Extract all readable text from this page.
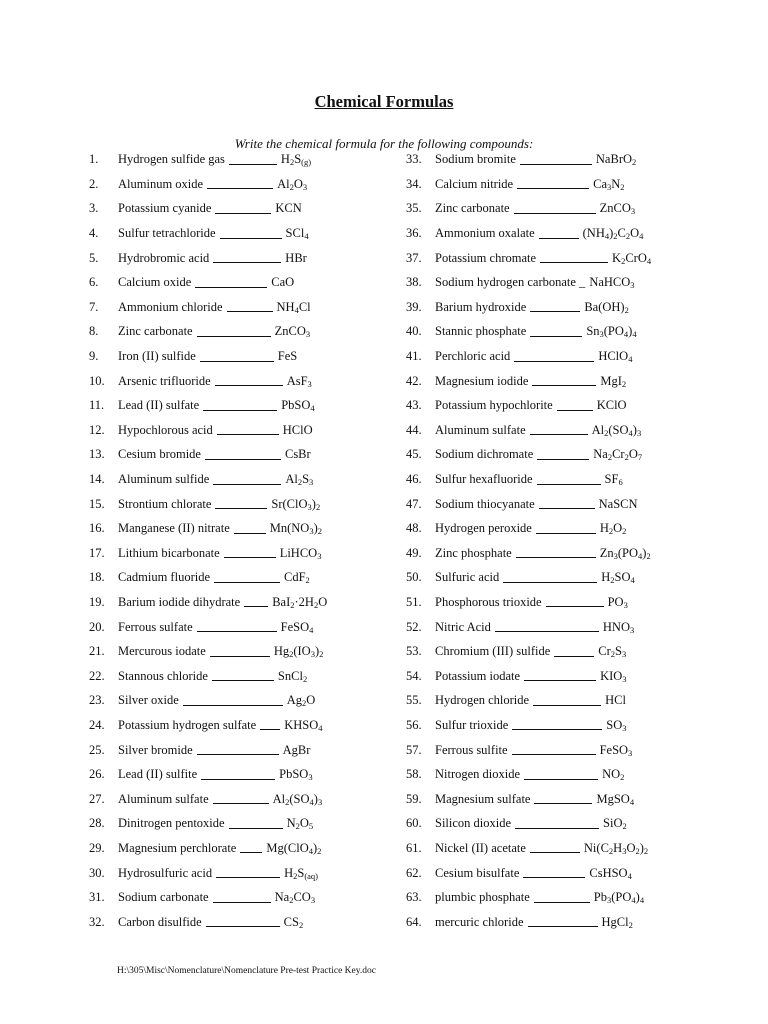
Chemical Formulas
Write the chemical formula for the following compounds:
1.	Hydrogen sulfide gas	$H_2S_{(g)}$
2.	Aluminum oxide	$Al_2O_3$
3.	Potassium cyanide	KCN
4.	Sulfur tetrachloride	SCl$_4$
5.	Hydrobromic acid	HBr
6.	Calcium oxide	CaO
7.	Ammonium chloride	$NH_4Cl$
8.	Zinc carbonate	ZnCO$_3$
9.	Iron (II) sulfide	FeS
10.	Arsenic trifluoride	AsF$_3$
11.	Lead (II) sulfate	PbSO$_4$
12.	Hypochlorous acid	HClO
13.	Cesium bromide	CsBr
14.	Aluminum sulfide	$Al_2S_3$
15.	Strontium chlorate	$Sr(ClO_3)_2$
16.	Manganese (II) nitrate	$Mn(NO_3)_2$
17.	Lithium bicarbonate	LiHCO$_3$
18.	Cadmium fluoride	CdF$_2$
19.	Barium iodide dihydrate	$BaI_2\cdot 2H_2O$
20.	Ferrous sulfate	FeSO$_4$
21.	Mercurous iodate	$Hg_2(IO_3)_2$
22.	Stannous chloride	SnCl$_2$
23.	Silver oxide	$Ag_2O$
24.	Potassium hydrogen sulfate $KHSO_4$
25.	Silver bromide	AgBr
26.	Lead (II) sulfite	PbSO$_3$
27.	Aluminum sulfate	$Al_2(SO_4)_3$
28.	Dinitrogen pentoxide	$N_2O_5$
29.	Magnesium perchlorate $Mg(ClO_4)_2$
30.	Hydrosulfuric acid	$H_2S_{(aq)}$
31.	Sodium carbonate	$Na_2CO_3$
32.	Carbon disulfide	$CS_2$
33.	Sodium bromite	NaBrO$_2$
34.	Calcium nitride	$Ca_3N_2$
35.	Zinc carbonate	ZnCO$_3$
36.	Ammonium oxalate	$(NH_4)_2C_2O_4$
37.	Potassium chromate	$K_2CrO_4$
38.	Sodium hydrogen carbonate _ NaHCO$_3$
39.	Barium hydroxide	$Ba(OH)_2$
40.	Stannic phosphate	$Sn_3(PO_4)_4$
41.	Perchloric acid	HClO$_4$
42.	Magnesium iodide	MgI$_2$
43.	Potassium hypochlorite	KClO
44.	Aluminum sulfate	$Al_2(SO_4)_3$
45.	Sodium dichromate	$Na_2Cr_2O_7$
46.	Sulfur hexafluoride	$SF_6$
47.	Sodium thiocyanate	NaSCN
48.	Hydrogen peroxide	$H_2O_2$
49.	Zinc phosphate	$Zn_3(PO_4)_2$
50.	Sulfuric acid	$H_2SO_4$
51.	Phosphorous trioxide	$PO_3$
52.	Nitric Acid	$HNO_3$
53.	Chromium (III) sulfide	$Cr_2S_3$
54.	Potassium iodate	$KIO_3$
55.	Hydrogen chloride	HCl
56.	Sulfur trioxide	$SO_3$
57.	Ferrous sulfite	FeSO$_3$
58.	Nitrogen dioxide	$NO_2$
59.	Magnesium sulfate	MgSO$_4$
60.	Silicon dioxide	SiO$_2$
61.	Nickel (II) acetate	$Ni(C_2H_3O_2)_2$
62.	Cesium bisulfate	CsHSO$_4$
63.	plumbic phosphate	$Pb_3(PO_4)_4$
64.	mercuric chloride	HgCl$_2$
H:\305\Misc\Nomenclature\Nomenclature Pre-test Practice Key.doc
